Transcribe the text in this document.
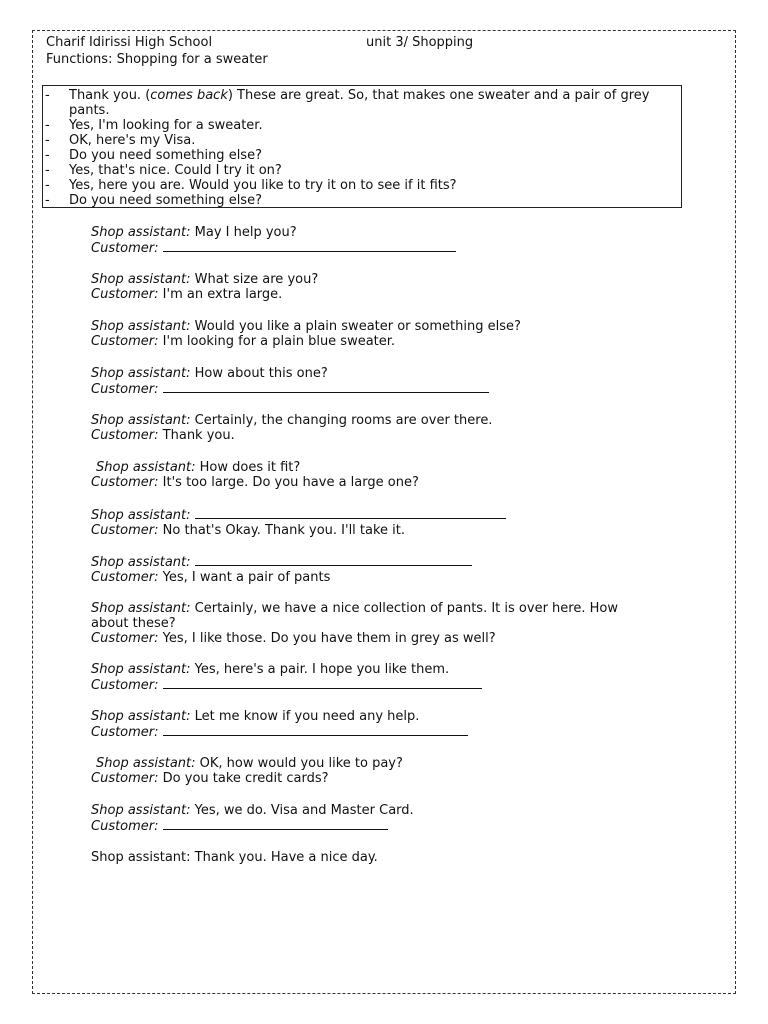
Charif Idirissi High School	unit 3/ Shopping
Functions: Shopping for a sweater
- Thank you. (comes back) These are great. So, that makes one sweater and a pair of grey pants.
- Yes, I'm looking for a sweater.
- OK, here's my Visa.
- Do you need something else?
- Yes, that's nice. Could I try it on?
- Yes, here you are. Would you like to try it on to see if it fits?
- Do you need something else?
Shop assistant: May I help you?
Customer:
Shop assistant: What size are you?
Customer: I'm an extra large.
Shop assistant: Would you like a plain sweater or something else?
Customer: I'm looking for a plain blue sweater.
Shop assistant: How about this one?
Customer:
Shop assistant: Certainly, the changing rooms are over there.
Customer: Thank you.
Shop assistant: How does it fit?
Customer: It's too large. Do you have a large one?
Shop assistant:
Customer: No that's Okay. Thank you. I'll take it.
Shop assistant:
Customer: Yes, I want a pair of pants
Shop assistant: Certainly, we have a nice collection of pants. It is over here. How about these?
Customer: Yes, I like those. Do you have them in grey as well?
Shop assistant: Yes, here's a pair. I hope you like them.
Customer:
Shop assistant: Let me know if you need any help.
Customer:
Shop assistant: OK, how would you like to pay?
Customer: Do you take credit cards?
Shop assistant: Yes, we do. Visa and Master Card.
Customer:
Shop assistant: Thank you. Have a nice day.
